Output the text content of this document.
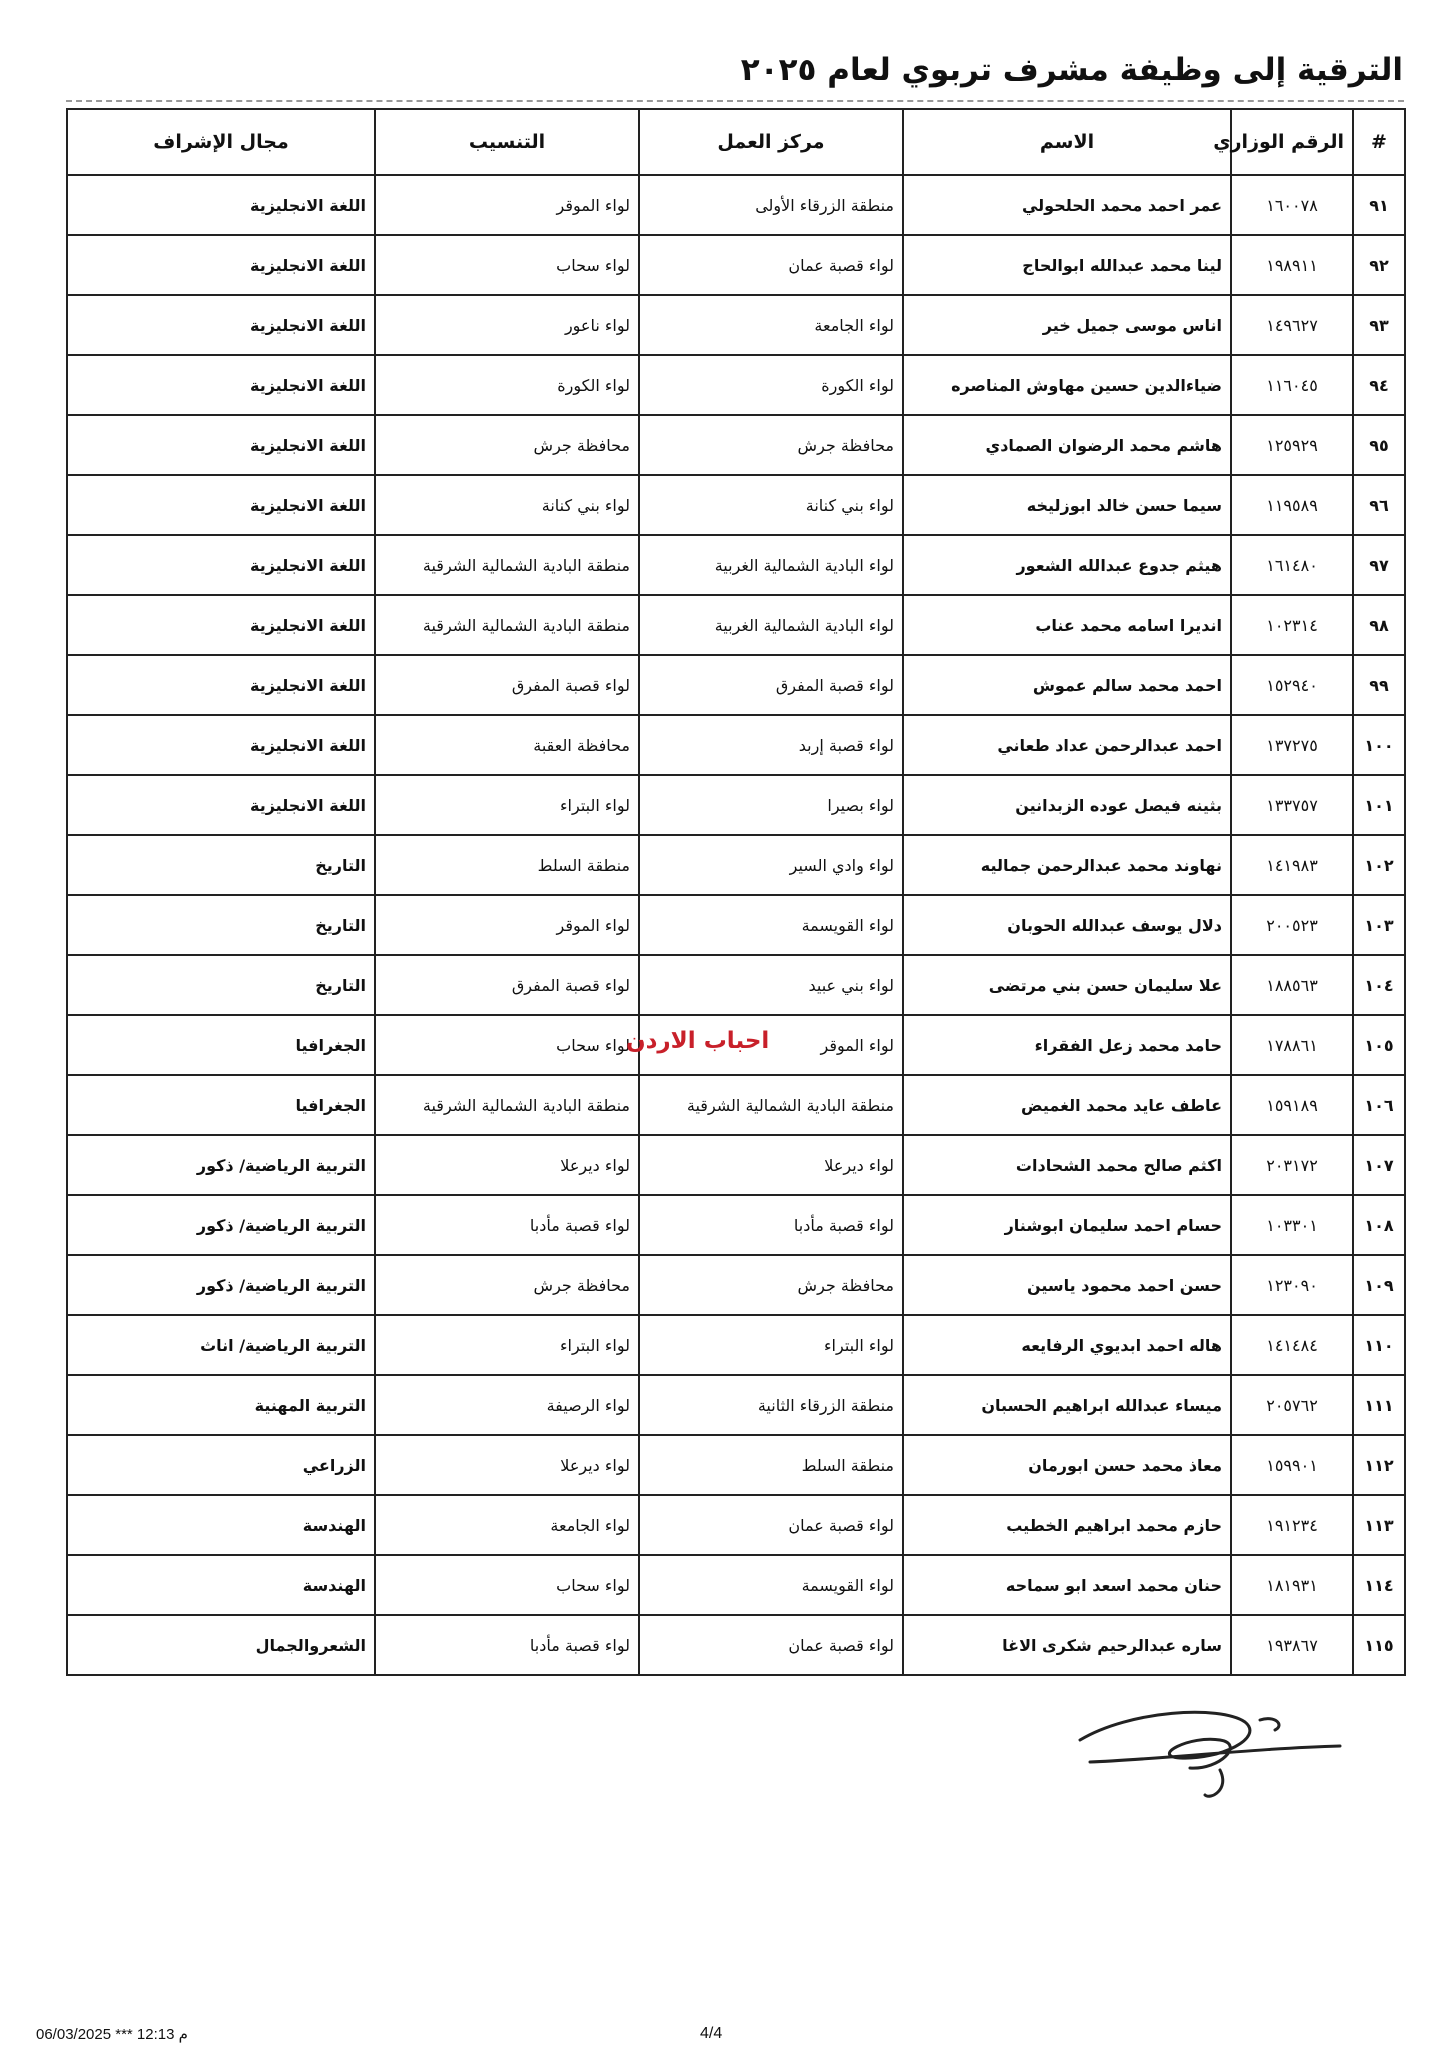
الترقية إلى وظيفة مشرف تربوي لعام ٢٠٢٥
#	الرقم الوزاري	الاسم	مركز العمل	التنسيب	مجال الإشراف
٩١	١٦٠٠٧٨	عمر احمد محمد الحلحولي	منطقة الزرقاء الأولى	لواء الموقر	اللغة الانجليزية
٩٢	١٩٨٩١١	لينا محمد عبدالله ابوالحاج	لواء قصبة عمان	لواء سحاب	اللغة الانجليزية
٩٣	١٤٩٦٢٧	اناس موسى جميل خير	لواء الجامعة	لواء ناعور	اللغة الانجليزية
٩٤	١١٦٠٤٥	ضياءالدين حسين مهاوش المناصره	لواء الكورة	لواء الكورة	اللغة الانجليزية
٩٥	١٢٥٩٢٩	هاشم محمد الرضوان الصمادي	محافظة جرش	محافظة جرش	اللغة الانجليزية
٩٦	١١٩٥٨٩	سيما حسن خالد ابوزليخه	لواء بني كنانة	لواء بني كنانة	اللغة الانجليزية
٩٧	١٦١٤٨٠	هيثم جدوع عبدالله الشعور	لواء البادية الشمالية الغربية	منطقة البادية الشمالية الشرقية	اللغة الانجليزية
٩٨	١٠٢٣١٤	انديرا اسامه محمد عناب	لواء البادية الشمالية الغربية	منطقة البادية الشمالية الشرقية	اللغة الانجليزية
٩٩	١٥٢٩٤٠	احمد محمد سالم عموش	لواء قصبة المفرق	لواء قصبة المفرق	اللغة الانجليزية
١٠٠	١٣٧٢٧٥	احمد عبدالرحمن عداد طعاني	لواء قصبة إربد	محافظة العقبة	اللغة الانجليزية
١٠١	١٣٣٧٥٧	بثينه فيصل عوده الزبدانين	لواء بصيرا	لواء البتراء	اللغة الانجليزية
١٠٢	١٤١٩٨٣	نهاوند محمد عبدالرحمن جماليه	لواء وادي السير	منطقة السلط	التاريخ
١٠٣	٢٠٠٥٢٣	دلال يوسف عبدالله الحوبان	لواء القويسمة	لواء الموقر	التاريخ
١٠٤	١٨٨٥٦٣	علا سليمان حسن بني مرتضى	لواء بني عبيد	لواء قصبة المفرق	التاريخ
١٠٥	١٧٨٨٦١	حامد محمد زعل الفقراء	لواء الموقر	لواء سحاب	الجغرافيا
١٠٦	١٥٩١٨٩	عاطف عايد محمد الغميض	منطقة البادية الشمالية الشرقية	منطقة البادية الشمالية الشرقية	الجغرافيا
١٠٧	٢٠٣١٧٢	اكثم صالح محمد الشحادات	لواء ديرعلا	لواء ديرعلا	التربية الرياضية/ ذكور
١٠٨	١٠٣٣٠١	حسام احمد سليمان ابوشنار	لواء قصبة مأدبا	لواء قصبة مأدبا	التربية الرياضية/ ذكور
١٠٩	١٢٣٠٩٠	حسن احمد محمود ياسين	محافظة جرش	محافظة جرش	التربية الرياضية/ ذكور
١١٠	١٤١٤٨٤	هاله احمد ابديوي الرفايعه	لواء البتراء	لواء البتراء	التربية الرياضية/ اناث
١١١	٢٠٥٧٦٢	ميساء عبدالله ابراهيم الحسبان	منطقة الزرقاء الثانية	لواء الرصيفة	التربية المهنية
١١٢	١٥٩٩٠١	معاذ محمد حسن ابورمان	منطقة السلط	لواء ديرعلا	الزراعي
١١٣	١٩١٢٣٤	حازم محمد ابراهيم الخطيب	لواء قصبة عمان	لواء الجامعة	الهندسة
١١٤	١٨١٩٣١	حنان محمد اسعد ابو سماحه	لواء القويسمة	لواء سحاب	الهندسة
١١٥	١٩٣٨٦٧	ساره عبدالرحيم شكرى الاغا	لواء قصبة عمان	لواء قصبة مأدبا	الشعروالجمال
احباب الاردن
4/4
06/03/2025 *** 12:13 م
